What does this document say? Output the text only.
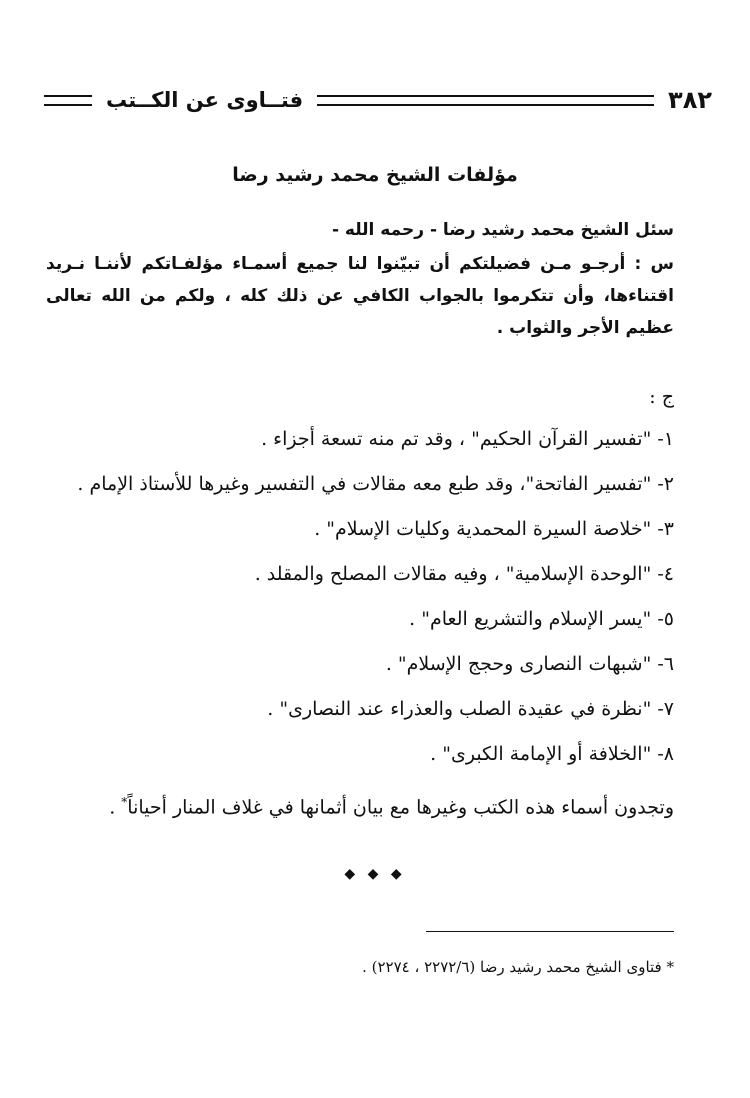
٣٨٢
فتــاوى عن الكــتب
مؤلفات الشيخ محمد رشيد رضا

سئل الشيخ محمد رشيد رضا - رحمه الله -

س : أرجـو مـن فضيلتكم أن تبيّنوا لنا جميع أسمـاء مؤلفـاتكم لأننـا نـريد اقتناءها، وأن تتكرموا بالجواب الكافي عن ذلك كله ، ولكم من الله تعالى عظيم الأجر والثواب .

ج :

١- "تفسير القرآن الحكيم" ، وقد تم منه تسعة أجزاء .
٢- "تفسير الفاتحة"، وقد طبع معه مقالات في التفسير وغيرها للأستاذ الإمام .
٣- "خلاصة السيرة المحمدية وكليات الإسلام" .
٤- "الوحدة الإسلامية" ، وفيه مقالات المصلح والمقلد .
٥- "يسر الإسلام والتشريع العام" .
٦- "شبهات النصارى وحجج الإسلام" .
٧- "نظرة في عقيدة الصلب والعذراء عند النصارى" .
٨- "الخلافة أو الإمامة الكبرى" .

وتجدون أسماء هذه الكتب وغيرها مع بيان أثمانها في غلاف المنار أحياناً* .

◆ ◆ ◆
* فتاوى الشيخ محمد رشيد رضا (٢٢٧٢/٦ ، ٢٢٧٤) .
